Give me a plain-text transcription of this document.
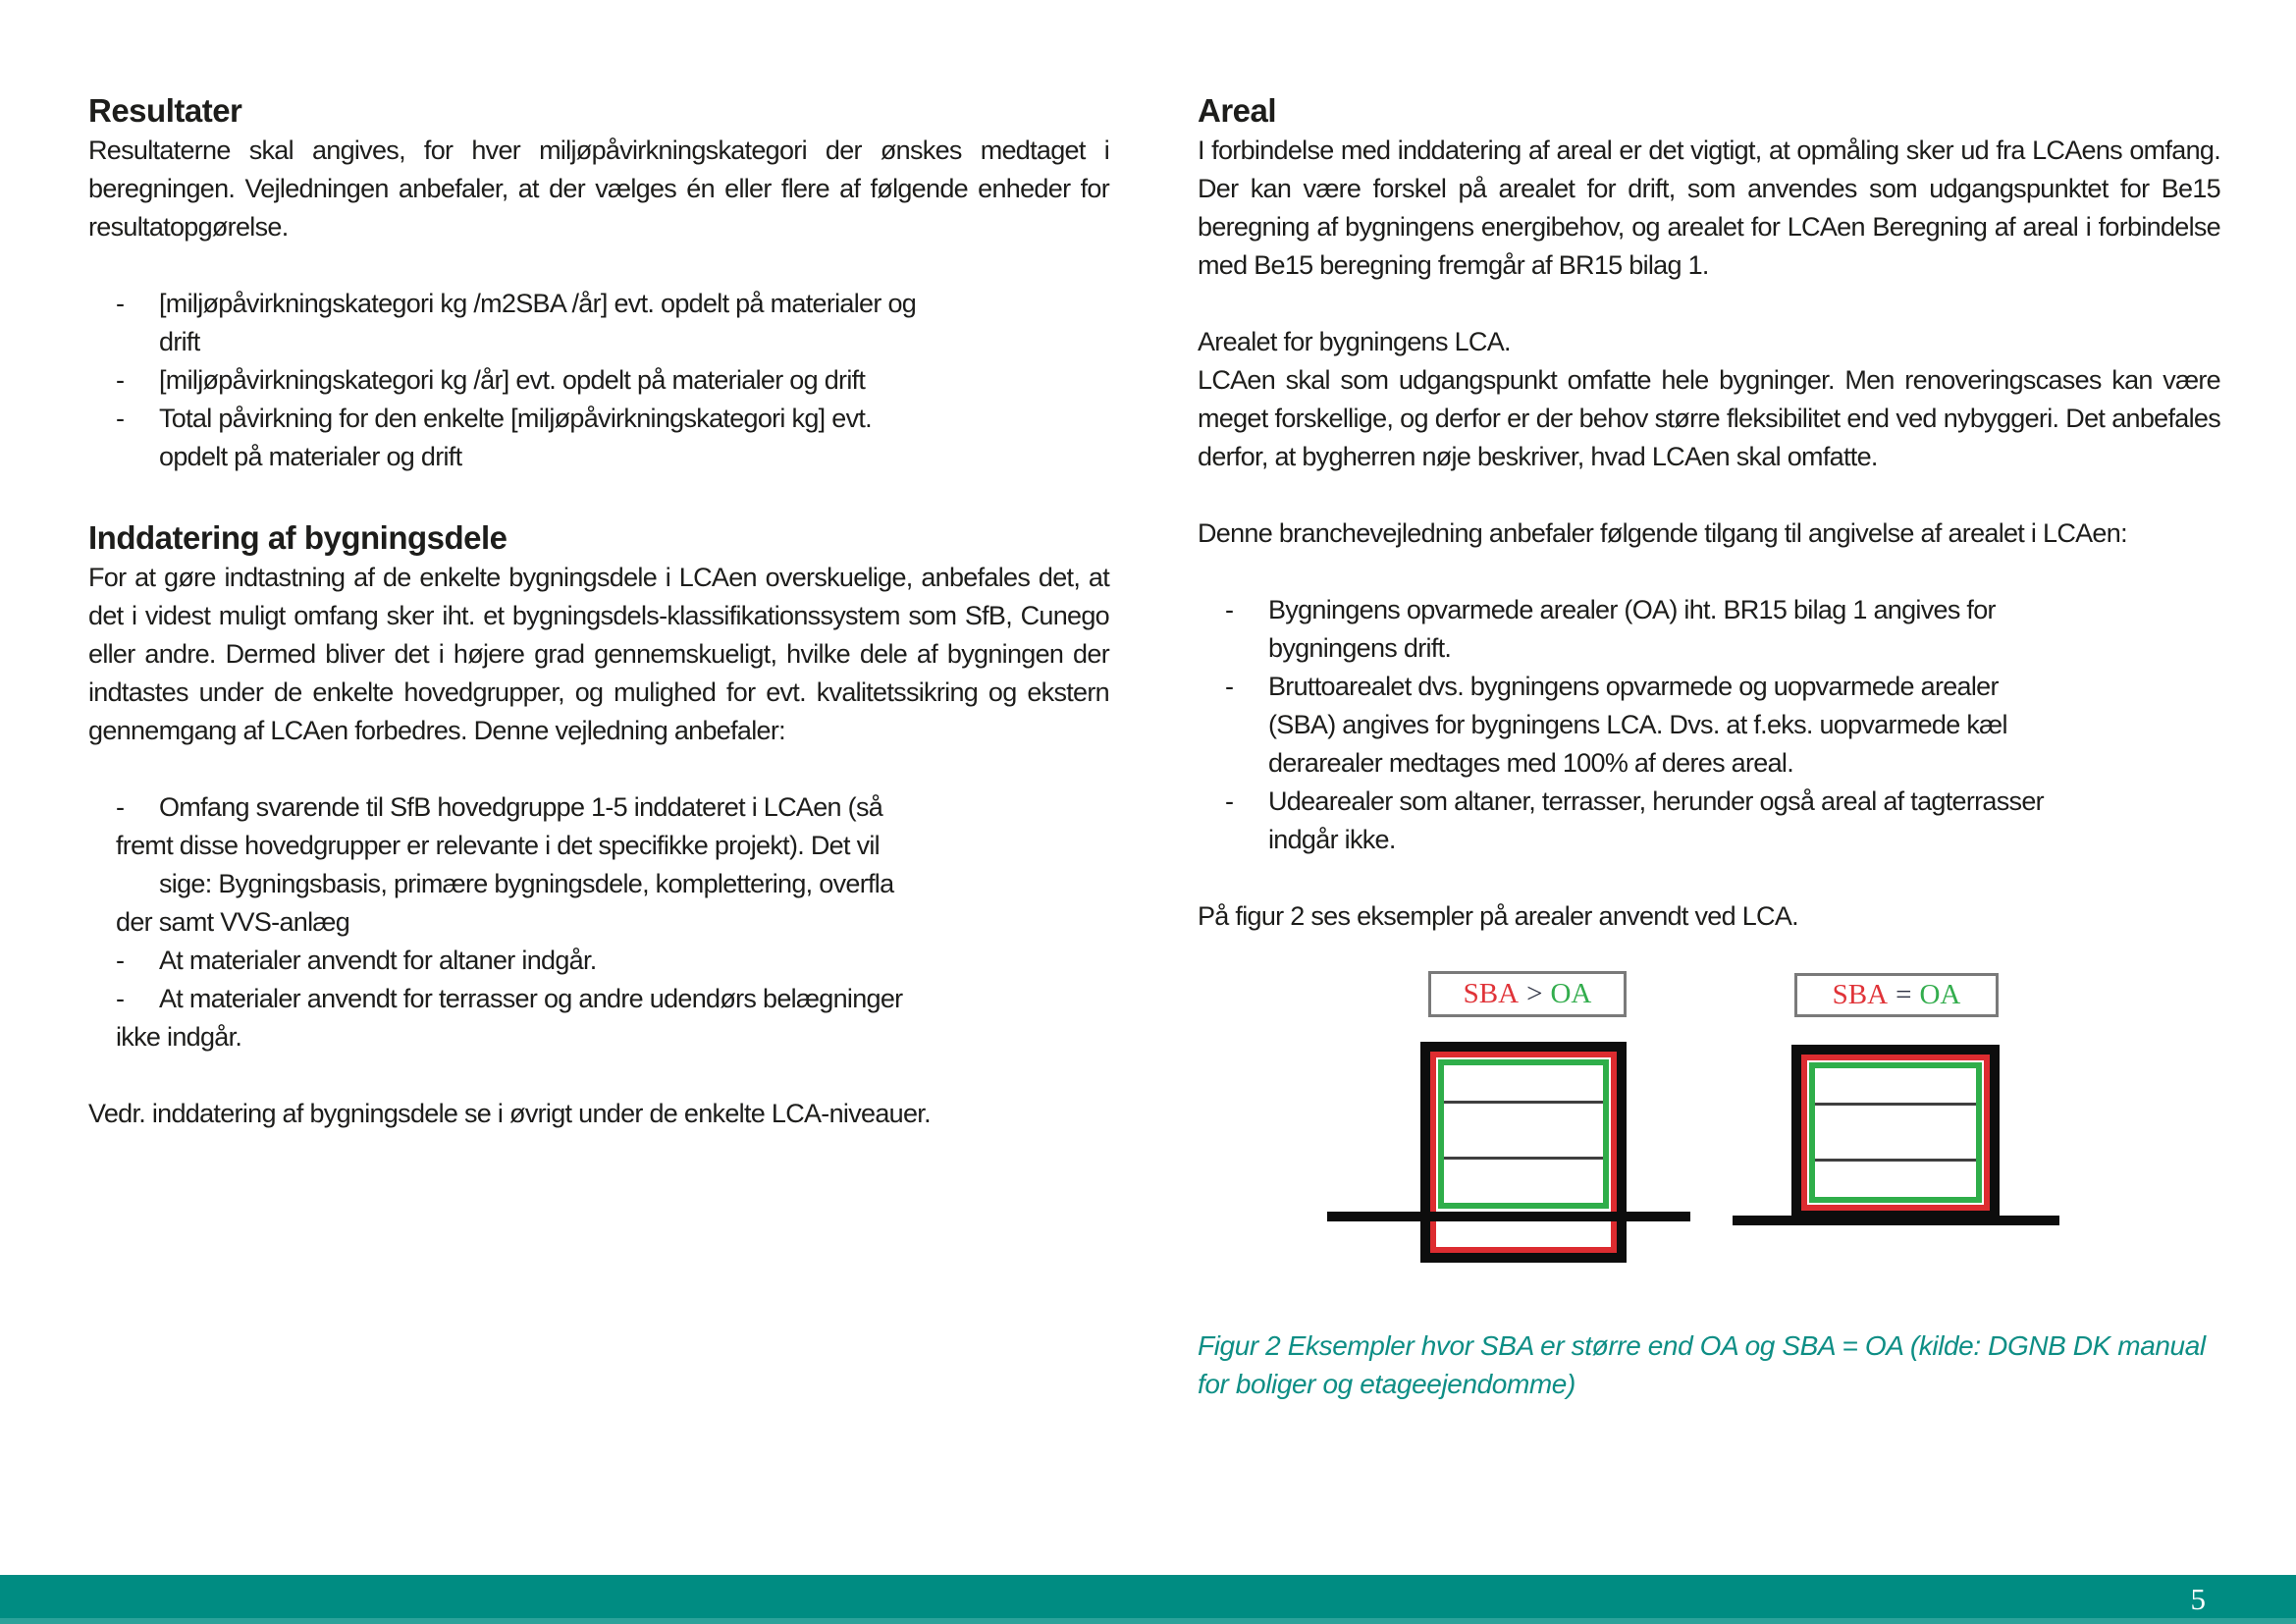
Resultater

Resultaterne skal angives, for hver miljøpåvirkningskategori der ønskes medtaget i beregningen. Vejledningen anbefaler, at der vælges én eller flere af følgende enheder for resultatopgørelse.

- [miljøpåvirkningskategori kg /m2SBA /år] evt. opdelt på materialer og
drift
- [miljøpåvirkningskategori kg /år] evt. opdelt på materialer og drift
- Total påvirkning for den enkelte [miljøpåvirkningskategori kg] evt.
opdelt på materialer og drift
Inddatering af bygningsdele

For at gøre indtastning af de enkelte bygningsdele i LCAen overskuelige, anbefales det, at det i videst muligt omfang sker iht. et bygningsdels-klassifikationssystem som SfB, Cunego eller andre. Dermed bliver det i højere grad gennemskueligt, hvilke dele af bygningen der indtastes under de enkelte hovedgrupper, og mulighed for evt. kvalitetssikring og ekstern gennemgang af LCAen forbedres. Denne vejledning anbefaler:

- Omfang svarende til SfB hovedgruppe 1-5 inddateret i LCAen (så
fremt disse hovedgrupper er relevante i det specifikke projekt). Det vil
sige: Bygningsbasis, primære bygningsdele, komplettering, overfla
der samt VVS-anlæg
- At materialer anvendt for altaner indgår.
- At materialer anvendt for terrasser og andre udendørs belægninger
ikke indgår.

Vedr. inddatering af bygningsdele se i øvrigt under de enkelte LCA-niveauer.

Areal

I forbindelse med inddatering af areal er det vigtigt, at opmåling sker ud fra LCAens omfang. Der kan være forskel på arealet for drift, som anvendes som udgangspunktet for Be15 beregning af bygningens energibehov, og arealet for LCAen Beregning af areal i forbindelse med Be15 beregning fremgår af BR15 bilag 1.

Arealet for bygningens LCA.

LCAen skal som udgangspunkt omfatte hele bygninger. Men renoveringscases kan være meget forskellige, og derfor er der behov større fleksibilitet end ved nybyggeri. Det anbefales derfor, at bygherren nøje beskriver, hvad LCAen skal omfatte.

Denne branchevejledning anbefaler følgende tilgang til angivelse af arealet i LCAen:

- Bygningens opvarmede arealer (OA) iht. BR15 bilag 1 angives for
bygningens drift.
- Bruttoarealet dvs. bygningens opvarmede og uopvarmede arealer
(SBA) angives for bygningens LCA. Dvs. at f.eks. uopvarmede kæl
derarealer medtages med 100% af deres areal.
- Udearealer som altaner, terrasser, herunder også areal af tagterrasser
indgår ikke.

På figur 2 ses eksempler på arealer anvendt ved LCA.

SBA > OA	SBA = OA

Figur 2 Eksempler hvor SBA er større end OA og SBA = OA (kilde: DGNB DK manual
for boliger og etageejendomme)

5
